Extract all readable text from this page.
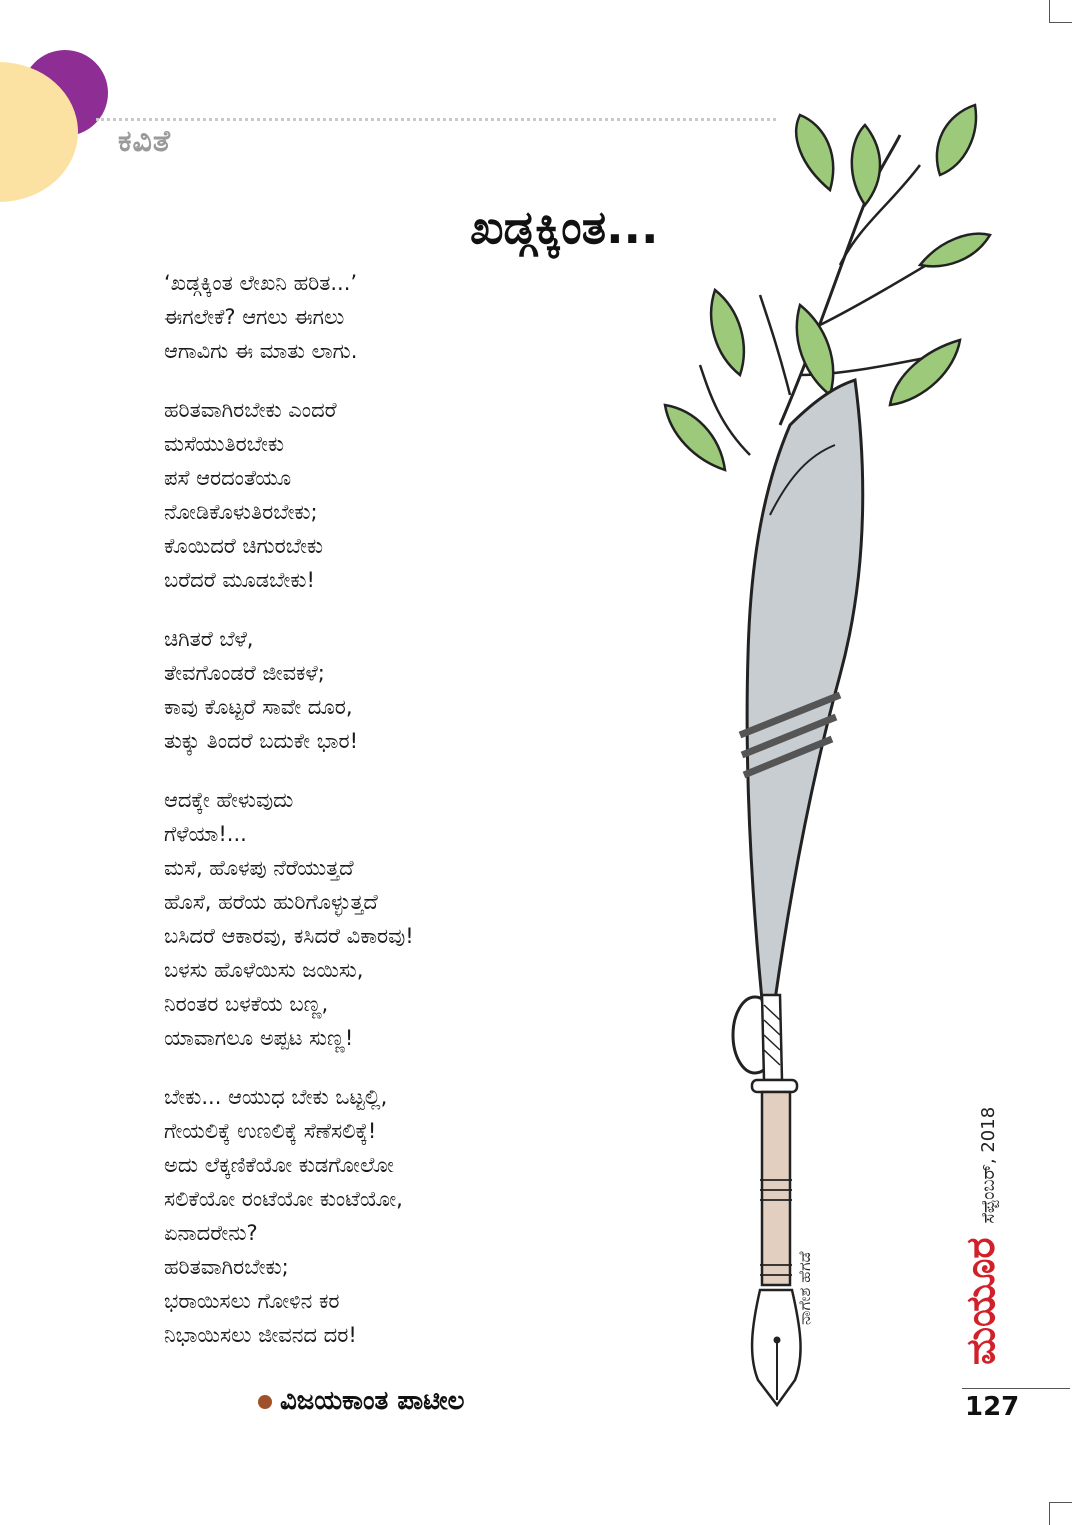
ಕವಿತೆ
ಖಡ್ಗಕ್ಕಿಂತ...
‘ಖಡ್ಗಕ್ಕಿಂತ ಲೇಖನಿ ಹರಿತ...’
ಈಗಲೇಕೆ? ಆಗಲು ಈಗಲು
ಆಗಾವಿಗು ಈ ಮಾತು ಲಾಗು.
ಹರಿತವಾಗಿರಬೇಕು ಎಂದರೆ
ಮಸೆಯುತಿರಬೇಕು
ಪಸೆ ಆರದಂತೆಯೂ
ನೋಡಿಕೊಳುತಿರಬೇಕು;
ಕೊಯಿದರೆ ಚಿಗುರಬೇಕು
ಬರೆದರೆ ಮೂಡಬೇಕು!
ಚಿಗಿತರೆ ಬೆಳೆ,
ತೇವಗೊಂಡರೆ ಜೀವಕಳೆ;
ಕಾವು ಕೊಟ್ಟರೆ ಸಾವೇ ದೂರ,
ತುಕ್ಕು ತಿಂದರೆ ಬದುಕೇ ಭಾರ!
ಆದಕ್ಕೇ ಹೇಳುವುದು
ಗೆಳೆಯಾ!...
ಮಸೆ, ಹೊಳಪು ನೆರೆಯುತ್ತದೆ
ಹೊಸೆ, ಹರೆಯ ಹುರಿಗೊಳ್ಳುತ್ತದೆ
ಬಸಿದರೆ ಆಕಾರವು, ಕಸಿದರೆ ವಿಕಾರವು!
ಬಳಸು ಹೊಳೆಯಿಸು ಜಯಿಸು,
ನಿರಂತರ ಬಳಕೆಯ ಬಣ್ಣ,
ಯಾವಾಗಲೂ ಅಪ್ಪಟ ಸುಣ್ಣ!
ಬೇಕು... ಆಯುಧ ಬೇಕು ಒಟ್ಟಲ್ಲಿ,
ಗೇಯಲಿಕ್ಕೆ ಉಣಲಿಕ್ಕೆ ಸೆಣೆಸಲಿಕ್ಕೆ!
ಅದು ಲೆಕ್ಕಣಿಕೆಯೋ ಕುಡಗೋಲೋ
ಸಲಿಕೆಯೋ ರಂಟೆಯೋ ಕುಂಟೆಯೋ,
ಏನಾದರೇನು?
ಹರಿತವಾಗಿರಬೇಕು;
ಭರಾಯಿಸಲು ಗೋಳಿನ ಕರ
ನಿಭಾಯಿಸಲು ಜೀವನದ ದರ!
ವಿಜಯಕಾಂತ ಪಾಟೀಲ
ನಾಗೇಶ ಹೆಗಡೆ	ಮಯೂರ
ಸೆಪ್ಟೆಂಬರ್, 2018
127
